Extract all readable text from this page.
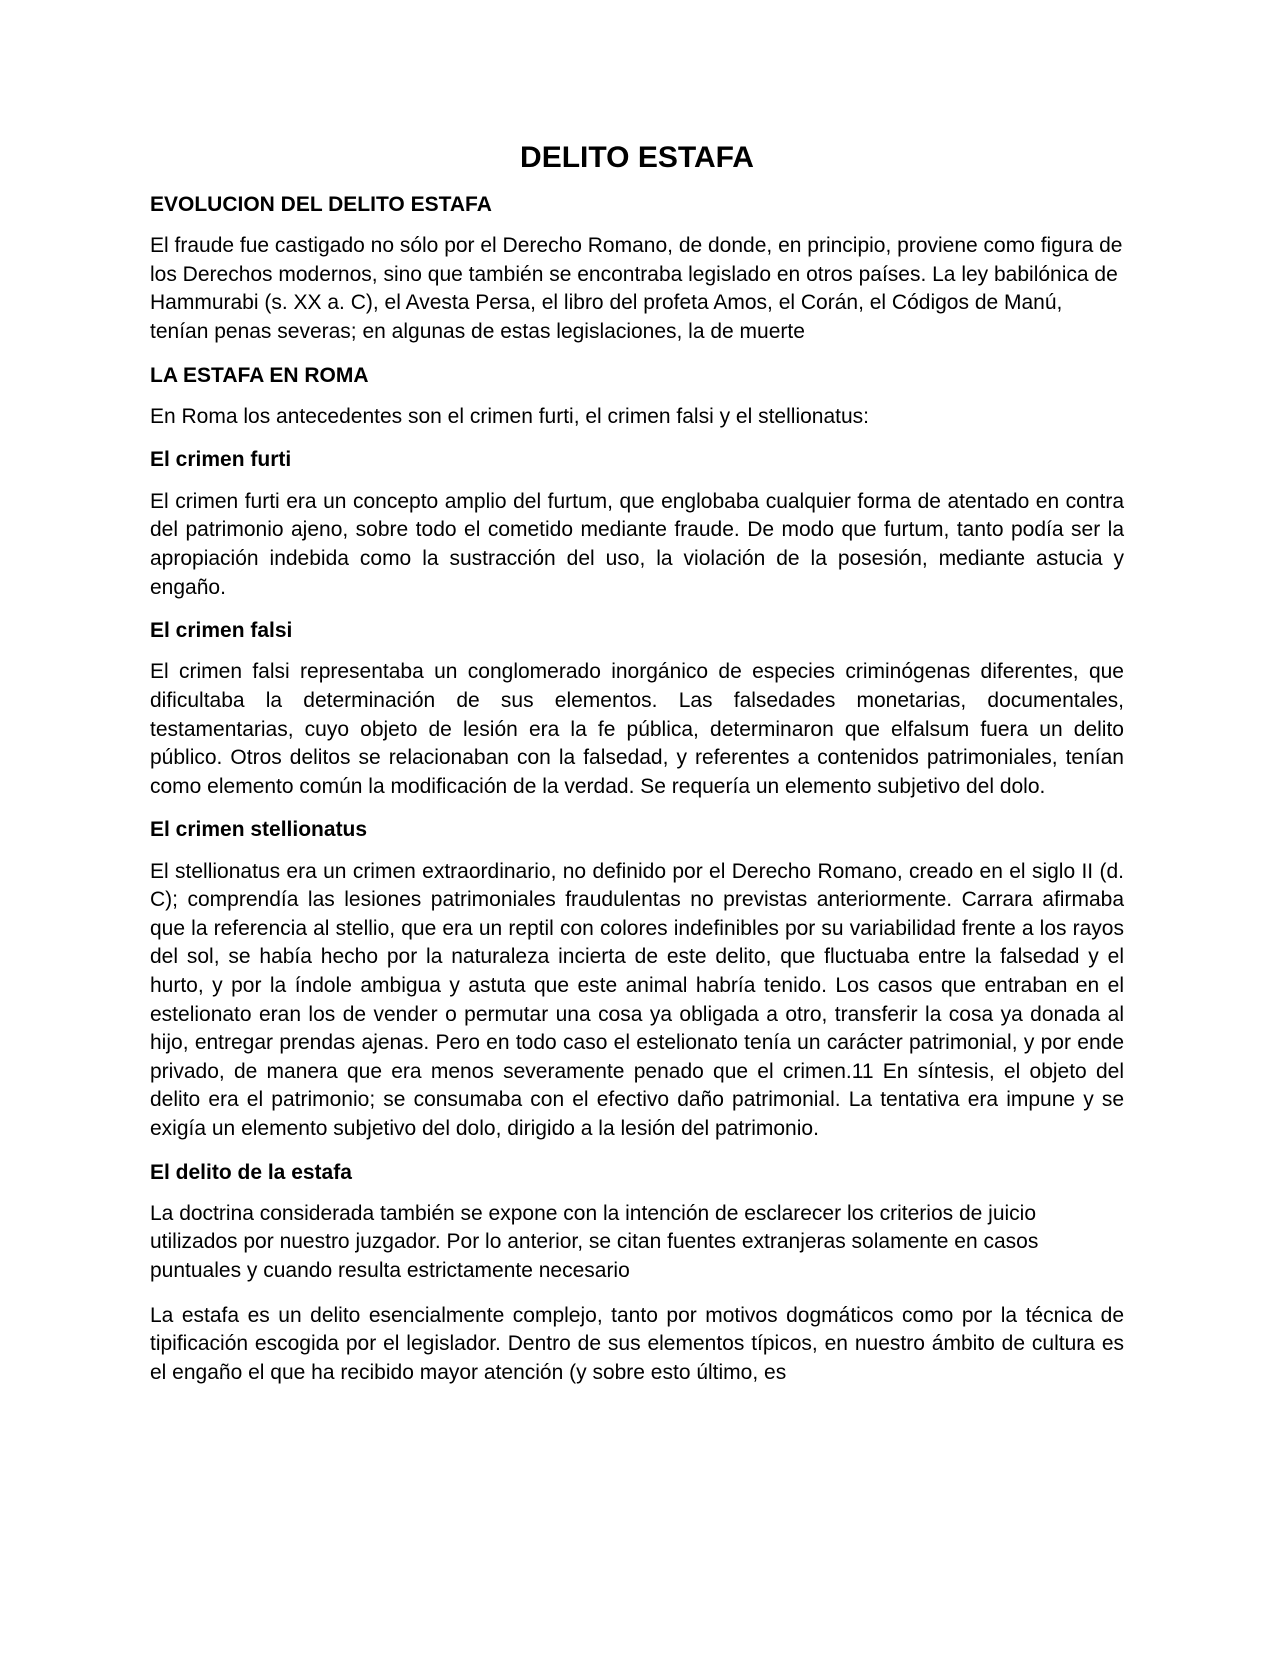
DELITO ESTAFA
EVOLUCION DEL DELITO ESTAFA

El fraude fue castigado no sólo por el Derecho Romano, de donde, en principio, proviene como figura de los Derechos modernos, sino que también se encontraba legislado en otros países. La ley babilónica de Hammurabi (s. XX a. C), el Avesta Persa, el libro del profeta Amos, el Corán, el Códigos de Manú, tenían penas severas; en algunas de estas legislaciones, la de muerte

LA ESTAFA EN ROMA

En Roma los antecedentes son el crimen furti, el crimen falsi y el stellionatus:

El crimen furti

El crimen furti era un concepto amplio del furtum, que englobaba cualquier forma de atentado en contra del patrimonio ajeno, sobre todo el cometido mediante fraude. De modo que furtum, tanto podía ser la apropiación indebida como la sustracción del uso, la violación de la posesión, mediante astucia y engaño.

El crimen falsi

El crimen falsi representaba un conglomerado inorgánico de especies criminógenas diferentes, que dificultaba la determinación de sus elementos. Las falsedades monetarias, documentales, testamentarias, cuyo objeto de lesión era la fe pública, determinaron que elfalsum fuera un delito público. Otros delitos se relacionaban con la falsedad, y referentes a contenidos patrimoniales, tenían como elemento común la modificación de la verdad. Se requería un elemento subjetivo del dolo.

El crimen stellionatus

El stellionatus era un crimen extraordinario, no definido por el Derecho Romano, creado en el siglo II (d. C); comprendía las lesiones patrimoniales fraudulentas no previstas anteriormente. Carrara afirmaba que la referencia al stellio, que era un reptil con colores indefinibles por su variabilidad frente a los rayos del sol, se había hecho por la naturaleza incierta de este delito, que fluctuaba entre la falsedad y el hurto, y por la índole ambigua y astuta que este animal habría tenido. Los casos que entraban en el estelionato eran los de vender o permutar una cosa ya obligada a otro, transferir la cosa ya donada al hijo, entregar prendas ajenas. Pero en todo caso el estelionato tenía un carácter patrimonial, y por ende privado, de manera que era menos severamente penado que el crimen.11 En síntesis, el objeto del delito era el patrimonio; se consumaba con el efectivo daño patrimonial. La tentativa era impune y se exigía un elemento subjetivo del dolo, dirigido a la lesión del patrimonio.

El delito de la estafa

La doctrina considerada también se expone con la intención de esclarecer los criterios de juicio utilizados por nuestro juzgador. Por lo anterior, se citan fuentes extranjeras solamente en casos puntuales y cuando resulta estrictamente necesario

La estafa es un delito esencialmente complejo, tanto por motivos dogmáticos como por la técnica de tipificación escogida por el legislador. Dentro de sus elementos típicos, en nuestro ámbito de cultura es el engaño el que ha recibido mayor atención (y sobre esto último, es
